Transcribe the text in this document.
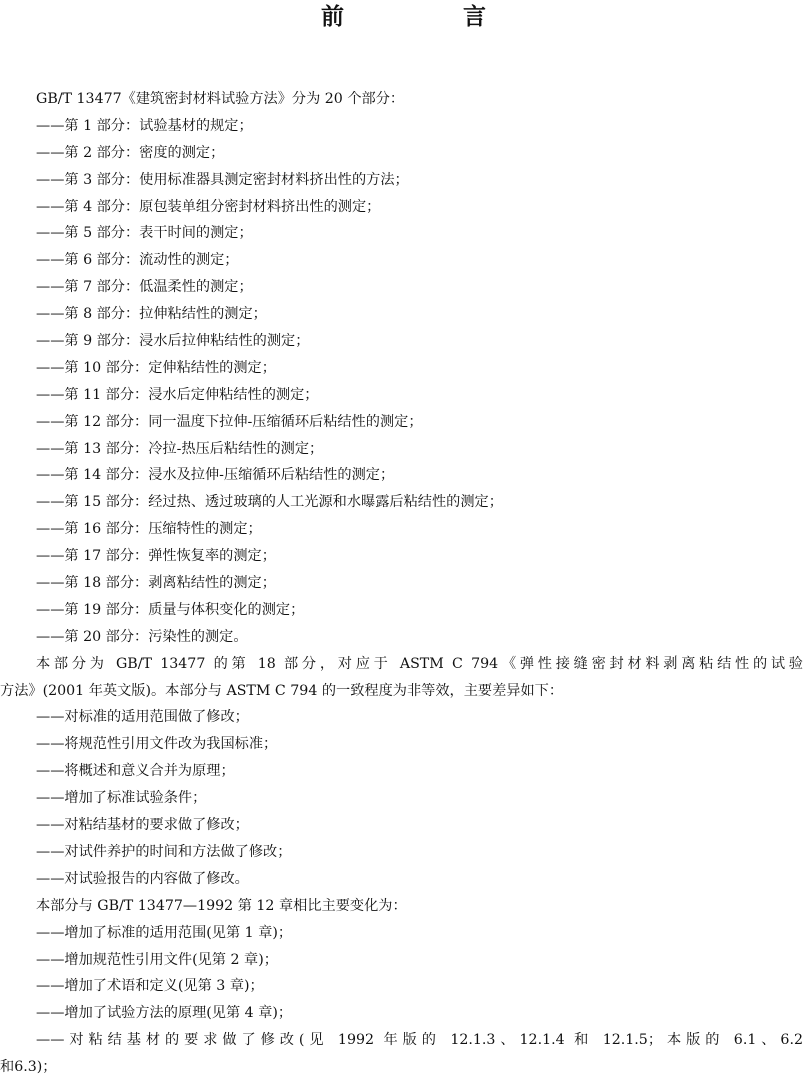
前　言
GB/T 13477《建筑密封材料试验方法》分为 20 个部分：
——第 1 部分：试验基材的规定；
——第 2 部分：密度的测定；
——第 3 部分：使用标准器具测定密封材料挤出性的方法；
——第 4 部分：原包装单组分密封材料挤出性的测定；
——第 5 部分：表干时间的测定；
——第 6 部分：流动性的测定；
——第 7 部分：低温柔性的测定；
——第 8 部分：拉伸粘结性的测定；
——第 9 部分：浸水后拉伸粘结性的测定；
——第 10 部分：定伸粘结性的测定；
——第 11 部分：浸水后定伸粘结性的测定；
——第 12 部分：同一温度下拉伸-压缩循环后粘结性的测定；
——第 13 部分：冷拉-热压后粘结性的测定；
——第 14 部分：浸水及拉伸-压缩循环后粘结性的测定；
——第 15 部分：经过热、透过玻璃的人工光源和水曝露后粘结性的测定；
——第 16 部分：压缩特性的测定；
——第 17 部分：弹性恢复率的测定；
——第 18 部分：剥离粘结性的测定；
——第 19 部分：质量与体积变化的测定；
——第 20 部分：污染性的测定。
本部分为 GB/T 13477 的第 18 部分，对应于 ASTM C 794《弹性接缝密封材料剥离粘结性的试验
方法》(2001 年英文版)。本部分与 ASTM C 794 的一致程度为非等效，主要差异如下：
——对标准的适用范围做了修改；
——将规范性引用文件改为我国标准；
——将概述和意义合并为原理；
——增加了标准试验条件；
——对粘结基材的要求做了修改；
——对试件养护的时间和方法做了修改；
——对试验报告的内容做了修改。
本部分与 GB/T 13477—1992 第 12 章相比主要变化为：
——增加了标准的适用范围(见第 1 章)；
——增加规范性引用文件(见第 2 章)；
——增加了术语和定义(见第 3 章)；
——增加了试验方法的原理(见第 4 章)；
——对粘结基材的要求做了修改(见 1992 年版的 12.1.3、12.1.4 和 12.1.5；本版的 6.1、6.2
和6.3)；
